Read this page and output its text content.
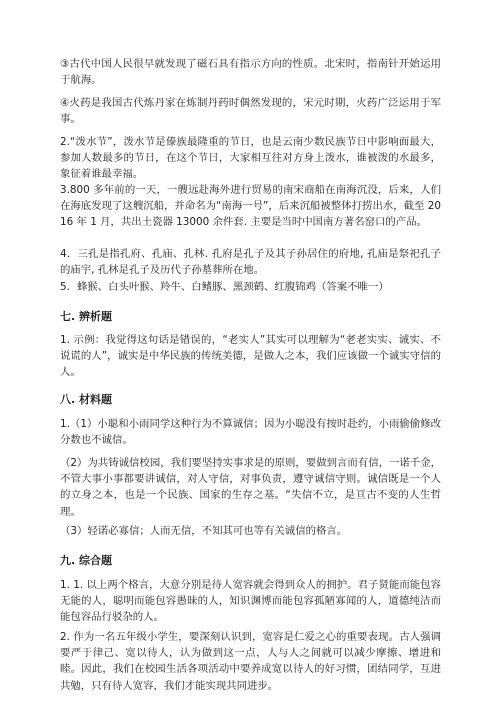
③古代中国人民很早就发现了磁石具有指示方向的性质。北宋时，指南针开始运用于航海。

④火药是我国古代炼丹家在炼制丹药时偶然发现的，宋元时期，火药广泛运用于军事。

2.“泼水节”，泼水节是傣族最隆重的节日，也是云南少数民族节日中影响面最大，参加人数最多的节日，在这个节日，大家相互往对方身上泼水，谁被泼的水最多，象征着谁最幸福。

3.800 多年前的一天，一艘远赴海外进行贸易的南宋商船在南海沉没，后来，人们在海底发现了这艘沉船，并命名为“南海一号”，后来沉船被整体打捞出水，截至 2016 年 1 月，共出土瓷器 13000 余件套. 主要是当时中国南方著名窑口的产品。

4．三孔是指孔府、孔庙、孔林. 孔府是孔子及其子孙居住的府地, 孔庙是祭祀孔子的庙宇, 孔林是孔子及历代子孙墓葬所在地。

5．蜂猴、白头叶猴、羚牛、白鳍豚、黑颈鹤、红腹锦鸡（答案不唯一）

七. 辨析题

1. 示例：我觉得这句话是错误的，“老实人”其实可以理解为“老老实实、诚实、不说谎的人”，诚实是中华民族的传统美德，是做人之本，我们应该做一个诚实守信的人。

八. 材料题

1.（1）小聪和小雨同学这种行为不算诚信；因为小聪没有按时赴约，小雨偷偷修改分数也不诚信。

（2）为共铸诚信校园，我们要坚持实事求是的原则，要做到言而有信，一诺千金，不管大事小事都要讲诚信，对人守信，对事负责，遵守诚信守则。诚信既是一个人的立身之本，也是一个民族、国家的生存之基。“失信不立，是亘古不变的人生哲理。

（3）轻诺必寡信；人而无信，不知其可也等有关诚信的格言。

九. 综合题

1. 1. 以上两个格言，大意分别是待人宽容就会得到众人的拥护。君子贤能而能包容无能的人，聪明而能包容愚昧的人，知识渊博而能包容孤陋寡闻的人，道德纯洁而能包容品行驳杂的人。

2. 作为一名五年级小学生，要深刻认识到，宽容是仁爱之心的重要表现。古人强调要严于律己、宽以待人，认为做到这一点，人与人之间就可以减少摩擦、增进和睦。因此，我们在校园生活各项活动中要养成宽以待人的好习惯，团结同学，互进共勉，只有待人宽容，我们才能实现共同进步。
